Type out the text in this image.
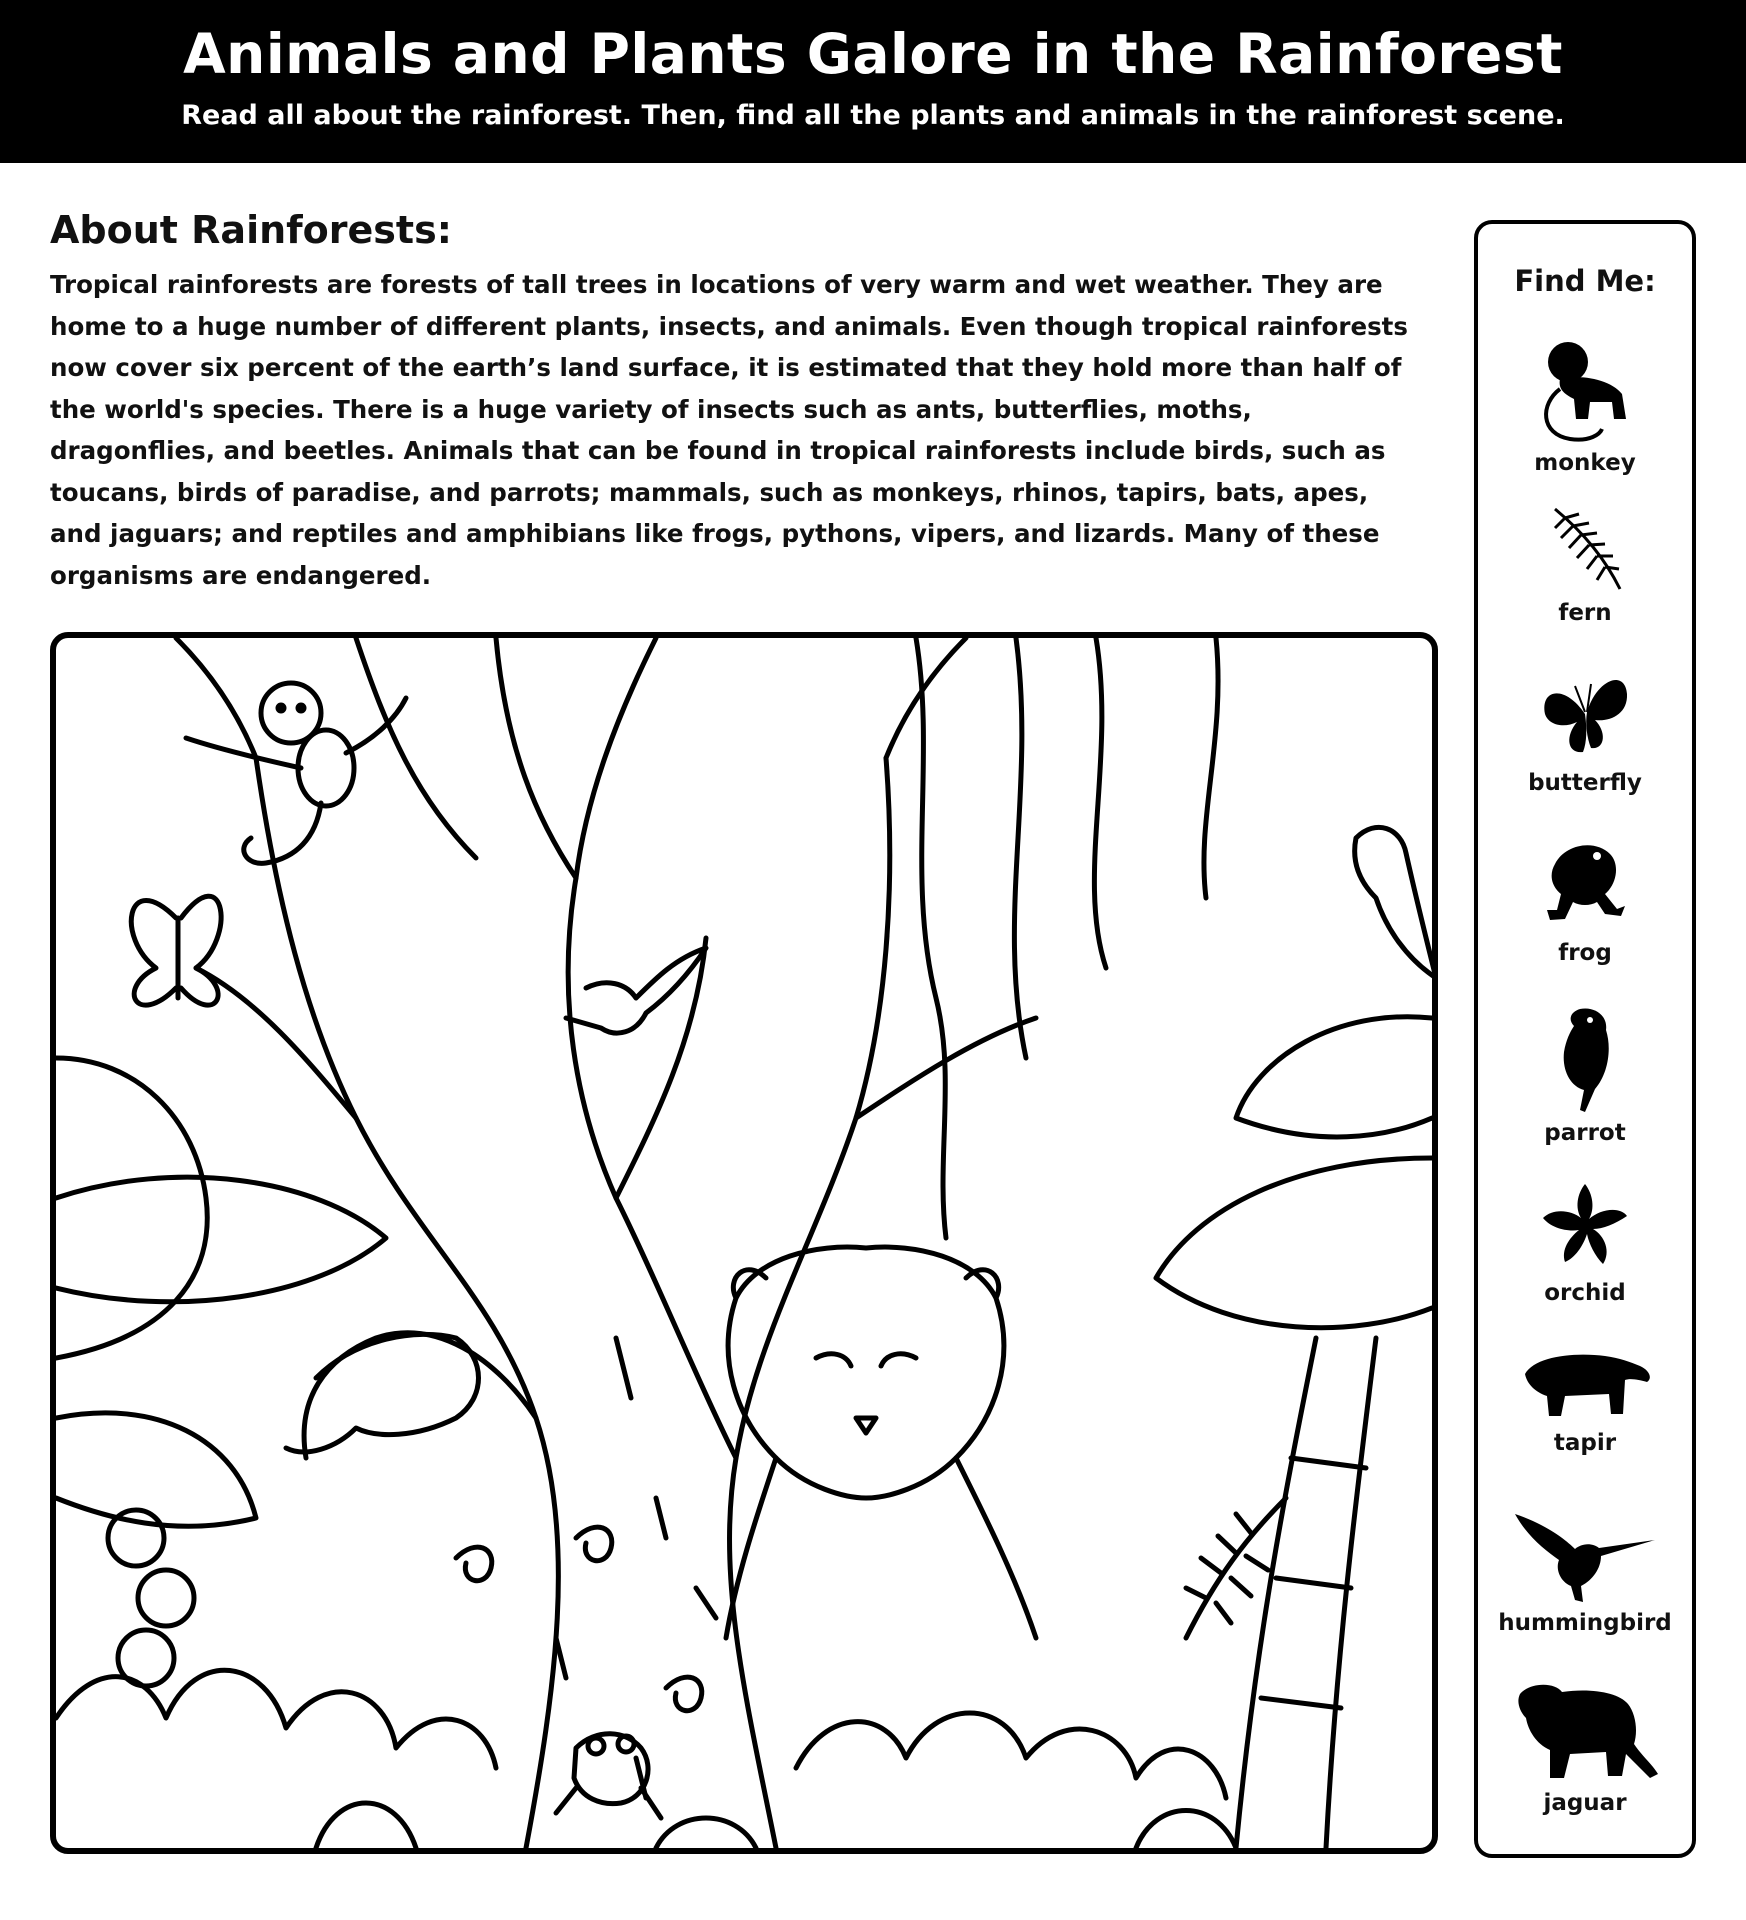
Animals and Plants Galore in the Rainforest

Read all about the rainforest. Then, find all the plants and animals in the rainforest scene.

About Rainforests:

Tropical rainforests are forests of tall trees in locations of very warm and wet weather. They are home to a huge number of different plants, insects, and animals. Even though tropical rainforests now cover six percent of the earth’s land surface, it is estimated that they hold more than half of the world's species. There is a huge variety of insects such as ants, butterflies, moths, dragonflies, and beetles. Animals that can be found in tropical rainforests include birds, such as toucans, birds of paradise, and parrots; mammals, such as monkeys, rhinos, tapirs, bats, apes, and jaguars; and reptiles and amphibians like frogs, pythons, vipers, and lizards. Many of these organisms are endangered.

Find Me:
monkey
fern
butterfly
frog
parrot
orchid
tapir
hummingbird
jaguar
